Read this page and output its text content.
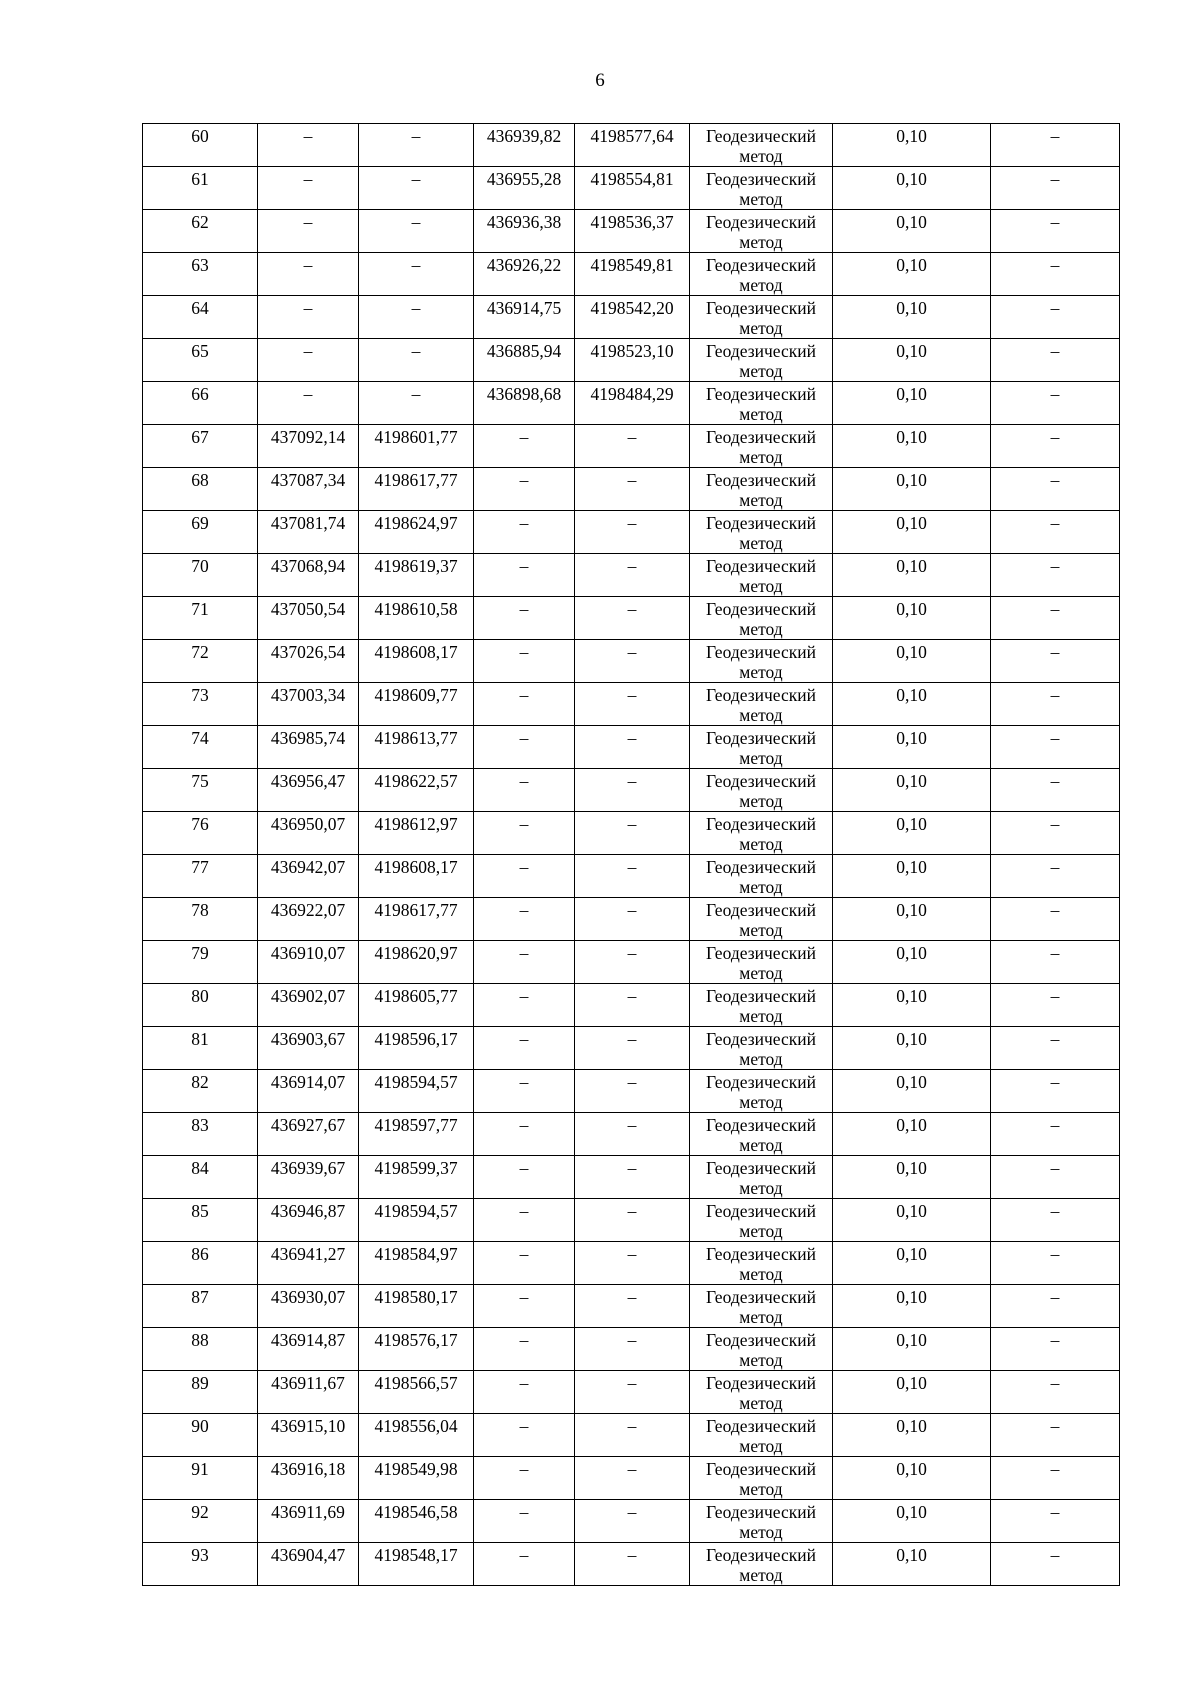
6
60	–	–	436939,82	4198577,64	Геодезический метод	0,10	–

61	–	–	436955,28	4198554,81	Геодезический метод	0,10	–

62	–	–	436936,38	4198536,37	Геодезический метод	0,10	–

63	–	–	436926,22	4198549,81	Геодезический метод	0,10	–

64	–	–	436914,75	4198542,20	Геодезический метод	0,10	–

65	–	–	436885,94	4198523,10	Геодезический метод	0,10	–

66	–	–	436898,68	4198484,29	Геодезический метод	0,10	–

67	437092,14	4198601,77	–	–	Геодезический метод	0,10	–

68	437087,34	4198617,77	–	–	Геодезический метод	0,10	–

69	437081,74	4198624,97	–	–	Геодезический метод	0,10	–

70	437068,94	4198619,37	–	–	Геодезический метод	0,10	–

71	437050,54	4198610,58	–	–	Геодезический метод	0,10	–

72	437026,54	4198608,17	–	–	Геодезический метод	0,10	–

73	437003,34	4198609,77	–	–	Геодезический метод	0,10	–

74	436985,74	4198613,77	–	–	Геодезический метод	0,10	–

75	436956,47	4198622,57	–	–	Геодезический метод	0,10	–

76	436950,07	4198612,97	–	–	Геодезический метод	0,10	–

77	436942,07	4198608,17	–	–	Геодезический метод	0,10	–

78	436922,07	4198617,77	–	–	Геодезический метод	0,10	–

79	436910,07	4198620,97	–	–	Геодезический метод	0,10	–

80	436902,07	4198605,77	–	–	Геодезический метод	0,10	–

81	436903,67	4198596,17	–	–	Геодезический метод	0,10	–

82	436914,07	4198594,57	–	–	Геодезический метод	0,10	–

83	436927,67	4198597,77	–	–	Геодезический метод	0,10	–

84	436939,67	4198599,37	–	–	Геодезический метод	0,10	–

85	436946,87	4198594,57	–	–	Геодезический метод	0,10	–

86	436941,27	4198584,97	–	–	Геодезический метод	0,10	–

87	436930,07	4198580,17	–	–	Геодезический метод	0,10	–

88	436914,87	4198576,17	–	–	Геодезический метод	0,10	–

89	436911,67	4198566,57	–	–	Геодезический метод	0,10	–

90	436915,10	4198556,04	–	–	Геодезический метод	0,10	–

91	436916,18	4198549,98	–	–	Геодезический метод	0,10	–

92	436911,69	4198546,58	–	–	Геодезический метод	0,10	–

93	436904,47	4198548,17	–	–	Геодезический метод	0,10	–
